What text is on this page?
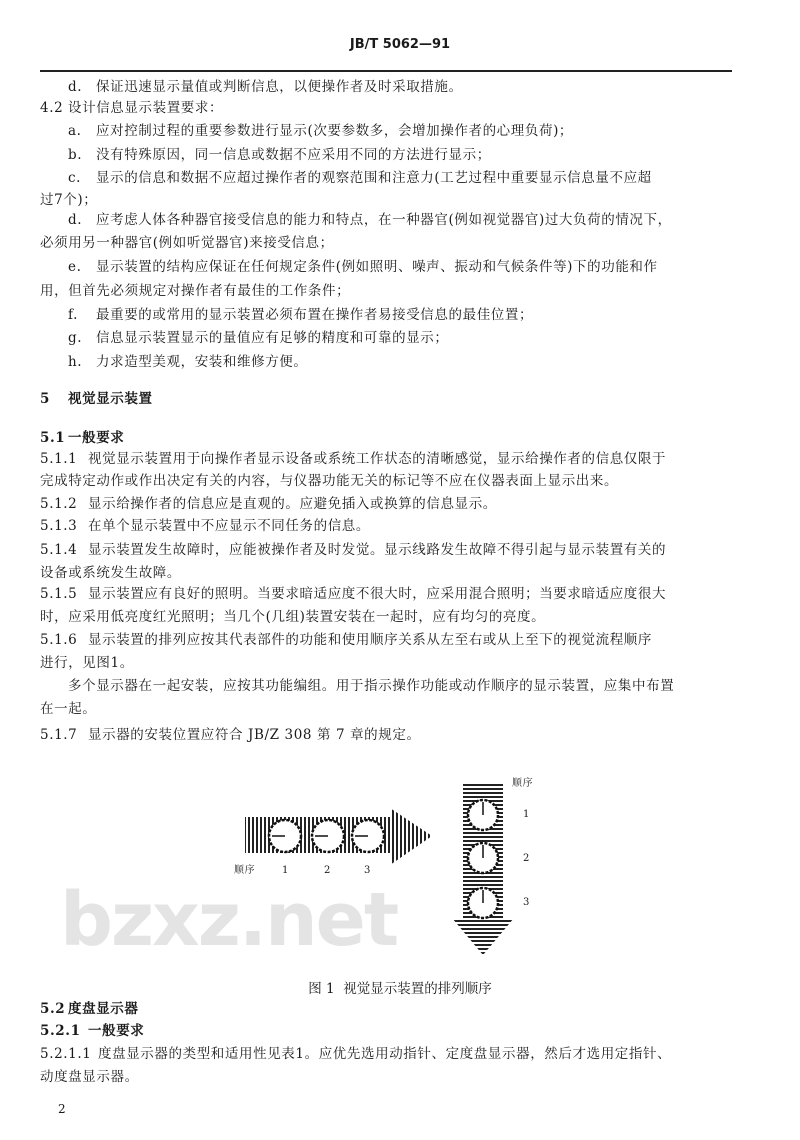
bzxz.net
JB/T 5062—91
d. 保证迅速显示量值或判断信息，以便操作者及时采取措施。
4.2 设计信息显示装置要求：
a. 应对控制过程的重要参数进行显示(次要参数多，会增加操作者的心理负荷)；
b. 没有特殊原因，同一信息或数据不应采用不同的方法进行显示；
c. 显示的信息和数据不应超过操作者的观察范围和注意力(工艺过程中重要显示信息量不应超
过7个)；
d. 应考虑人体各种器官接受信息的能力和特点，在一种器官(例如视觉器官)过大负荷的情况下，
必须用另一种器官(例如听觉器官)来接受信息；
e. 显示装置的结构应保证在任何规定条件(例如照明、噪声、振动和气候条件等)下的功能和作
用，但首先必须规定对操作者有最佳的工作条件；
f. 最重要的或常用的显示装置必须布置在操作者易接受信息的最佳位置；
g. 信息显示装置显示的量值应有足够的精度和可靠的显示；
h. 力求造型美观，安装和维修方便。
5 视觉显示装置
5.1 一般要求
5.1.1 视觉显示装置用于向操作者显示设备或系统工作状态的清晰感觉，显示给操作者的信息仅限于
完成特定动作或作出决定有关的内容，与仪器功能无关的标记等不应在仪器表面上显示出来。
5.1.2 显示给操作者的信息应是直观的。应避免插入或换算的信息显示。
5.1.3 在单个显示装置中不应显示不同任务的信息。
5.1.4 显示装置发生故障时，应能被操作者及时发觉。显示线路发生故障不得引起与显示装置有关的
设备或系统发生故障。
5.1.5 显示装置应有良好的照明。当要求暗适应度不很大时，应采用混合照明；当要求暗适应度很大
时，应采用低亮度红光照明；当几个(几组)装置安装在一起时，应有均匀的亮度。
5.1.6 显示装置的排列应按其代表部件的功能和使用顺序关系从左至右或从上至下的视觉流程顺序
进行，见图1。
多个显示器在一起安装，应按其功能编组。用于指示操作功能或动作顺序的显示装置，应集中布置
在一起。
5.1.7 显示器的安装位置应符合 JB/Z 308 第 7 章的规定。
顺序	1	2	3
顺序
1
2
3
图 1 视觉显示装置的排列顺序
5.2 度盘显示器
5.2.1 一般要求
5.2.1.1 度盘显示器的类型和适用性见表1。应优先选用动指针、定度盘显示器，然后才选用定指针、
动度盘显示器。
2
